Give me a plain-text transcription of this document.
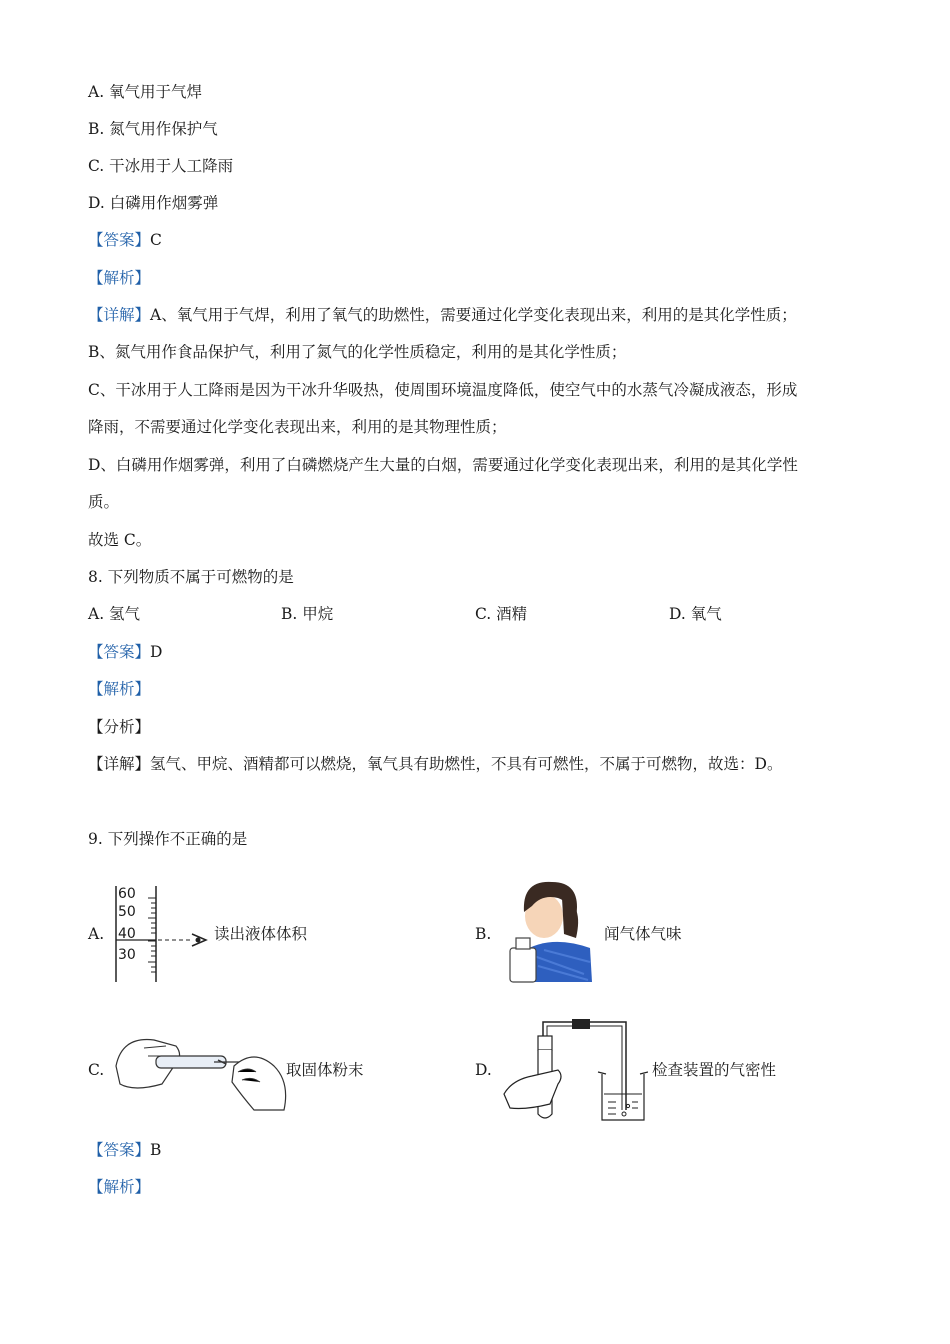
A. 氧气用于气焊
B. 氮气用作保护气
C. 干冰用于人工降雨
D. 白磷用作烟雾弹
【答案】C
【解析】
【详解】A、氧气用于气焊，利用了氧气的助燃性，需要通过化学变化表现出来，利用的是其化学性质；
B、氮气用作食品保护气，利用了氮气的化学性质稳定，利用的是其化学性质；
C、干冰用于人工降雨是因为干冰升华吸热，使周围环境温度降低，使空气中的水蒸气冷凝成液态，形成
降雨，不需要通过化学变化表现出来，利用的是其物理性质；
D、白磷用作烟雾弹，利用了白磷燃烧产生大量的白烟，需要通过化学变化表现出来，利用的是其化学性
质。
故选 C。
8. 下列物质不属于可燃物的是
A. 氢气	B. 甲烷	C. 酒精	D. 氧气
【答案】D
【解析】
【分析】
【详解】氢气、甲烷、酒精都可以燃烧，氧气具有助燃性，不具有可燃性，不属于可燃物，故选：D。
9. 下列操作不正确的是
A.
60
50
40
30
读出液体体积	B.	闻气体气味
C.	取固体粉末	D.	检查装置的气密性
【答案】B
【解析】
